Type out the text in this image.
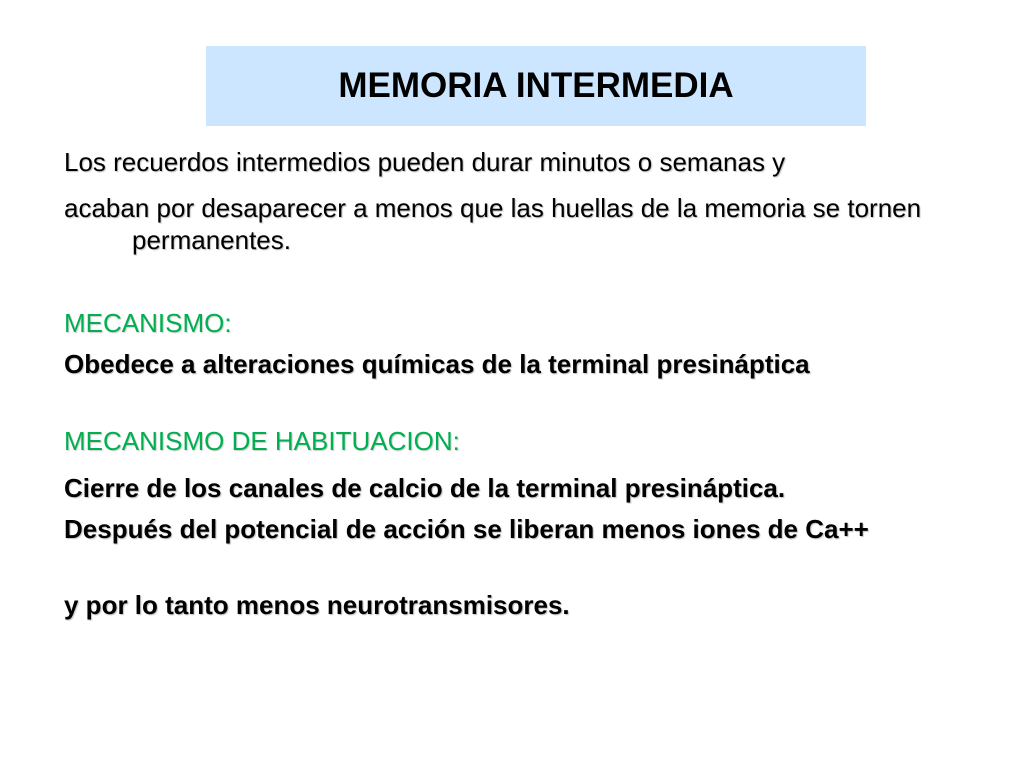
MEMORIA INTERMEDIA

Los recuerdos intermedios pueden durar minutos o semanas y

acaban por desaparecer a menos que las huellas de la memoria se tornen permanentes.

MECANISMO:

Obedece a alteraciones químicas de la terminal presináptica

MECANISMO DE HABITUACION:

Cierre de los canales de calcio de la terminal presináptica.

Después del potencial de acción se liberan menos iones de Ca++

y por lo tanto menos neurotransmisores.
